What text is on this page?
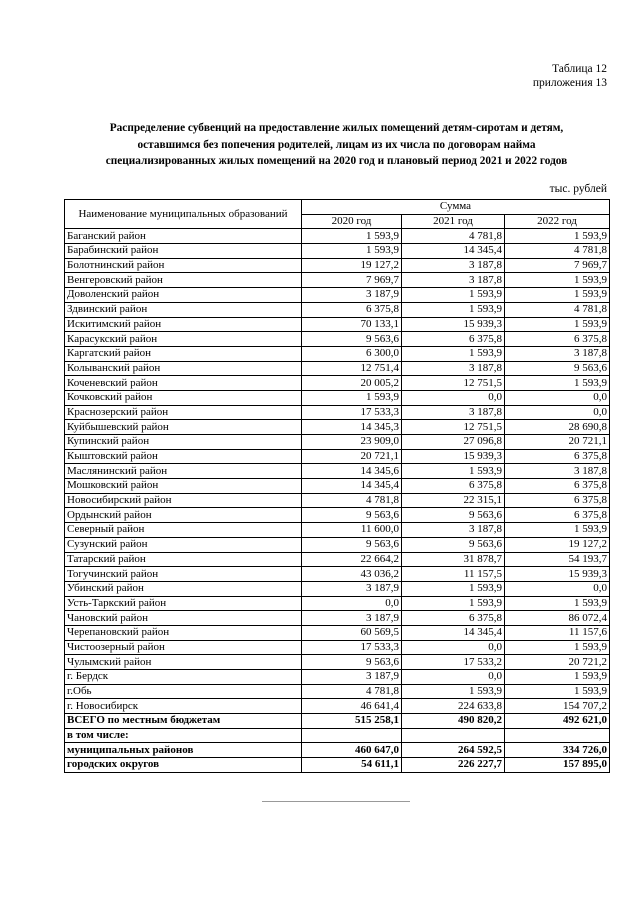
Таблица 12
приложения 13
Распределение субвенций на предоставление жилых помещений детям-сиротам и детям,
оставшимся без попечения родителей, лицам из их числа по договорам найма
специализированных жилых помещений на 2020 год и плановый период 2021 и 2022 годов
тыс. рублей
Наименование муниципальных образований	Сумма		
	2020 год	2021 год	2022 год
Баганский район	1 593,9	4 781,8	1 593,9
Барабинский район	1 593,9	14 345,4	4 781,8
Болотнинский район	19 127,2	3 187,8	7 969,7
Венгеровский район	7 969,7	3 187,8	1 593,9
Доволенский район	3 187,9	1 593,9	1 593,9
Здвинский район	6 375,8	1 593,9	4 781,8
Искитимский район	70 133,1	15 939,3	1 593,9
Карасукский район	9 563,6	6 375,8	6 375,8
Каргатский район	6 300,0	1 593,9	3 187,8
Колыванский район	12 751,4	3 187,8	9 563,6
Коченевский район	20 005,2	12 751,5	1 593,9
Кочковский район	1 593,9	0,0	0,0
Краснозерский район	17 533,3	3 187,8	0,0
Куйбышевский район	14 345,3	12 751,5	28 690,8
Купинский район	23 909,0	27 096,8	20 721,1
Кыштовский район	20 721,1	15 939,3	6 375,8
Маслянинский район	14 345,6	1 593,9	3 187,8
Мошковский район	14 345,4	6 375,8	6 375,8
Новосибирский район	4 781,8	22 315,1	6 375,8
Ордынский район	9 563,6	9 563,6	6 375,8
Северный район	11 600,0	3 187,8	1 593,9
Сузунский район	9 563,6	9 563,6	19 127,2
Татарский район	22 664,2	31 878,7	54 193,7
Тогучинский район	43 036,2	11 157,5	15 939,3
Убинский район	3 187,9	1 593,9	0,0
Усть-Таркский район	0,0	1 593,9	1 593,9
Чановский район	3 187,9	6 375,8	86 072,4
Черепановский район	60 569,5	14 345,4	11 157,6
Чистоозерный район	17 533,3	0,0	1 593,9
Чулымский район	9 563,6	17 533,2	20 721,2
г. Бердск	3 187,9	0,0	1 593,9
г.Обь	4 781,8	1 593,9	1 593,9
г. Новосибирск	46 641,4	224 633,8	154 707,2
ВСЕГО по местным бюджетам	515 258,1	490 820,2	492 621,0
в том числе:			
муниципальных районов	460 647,0	264 592,5	334 726,0
городских округов	54 611,1	226 227,7	157 895,0
